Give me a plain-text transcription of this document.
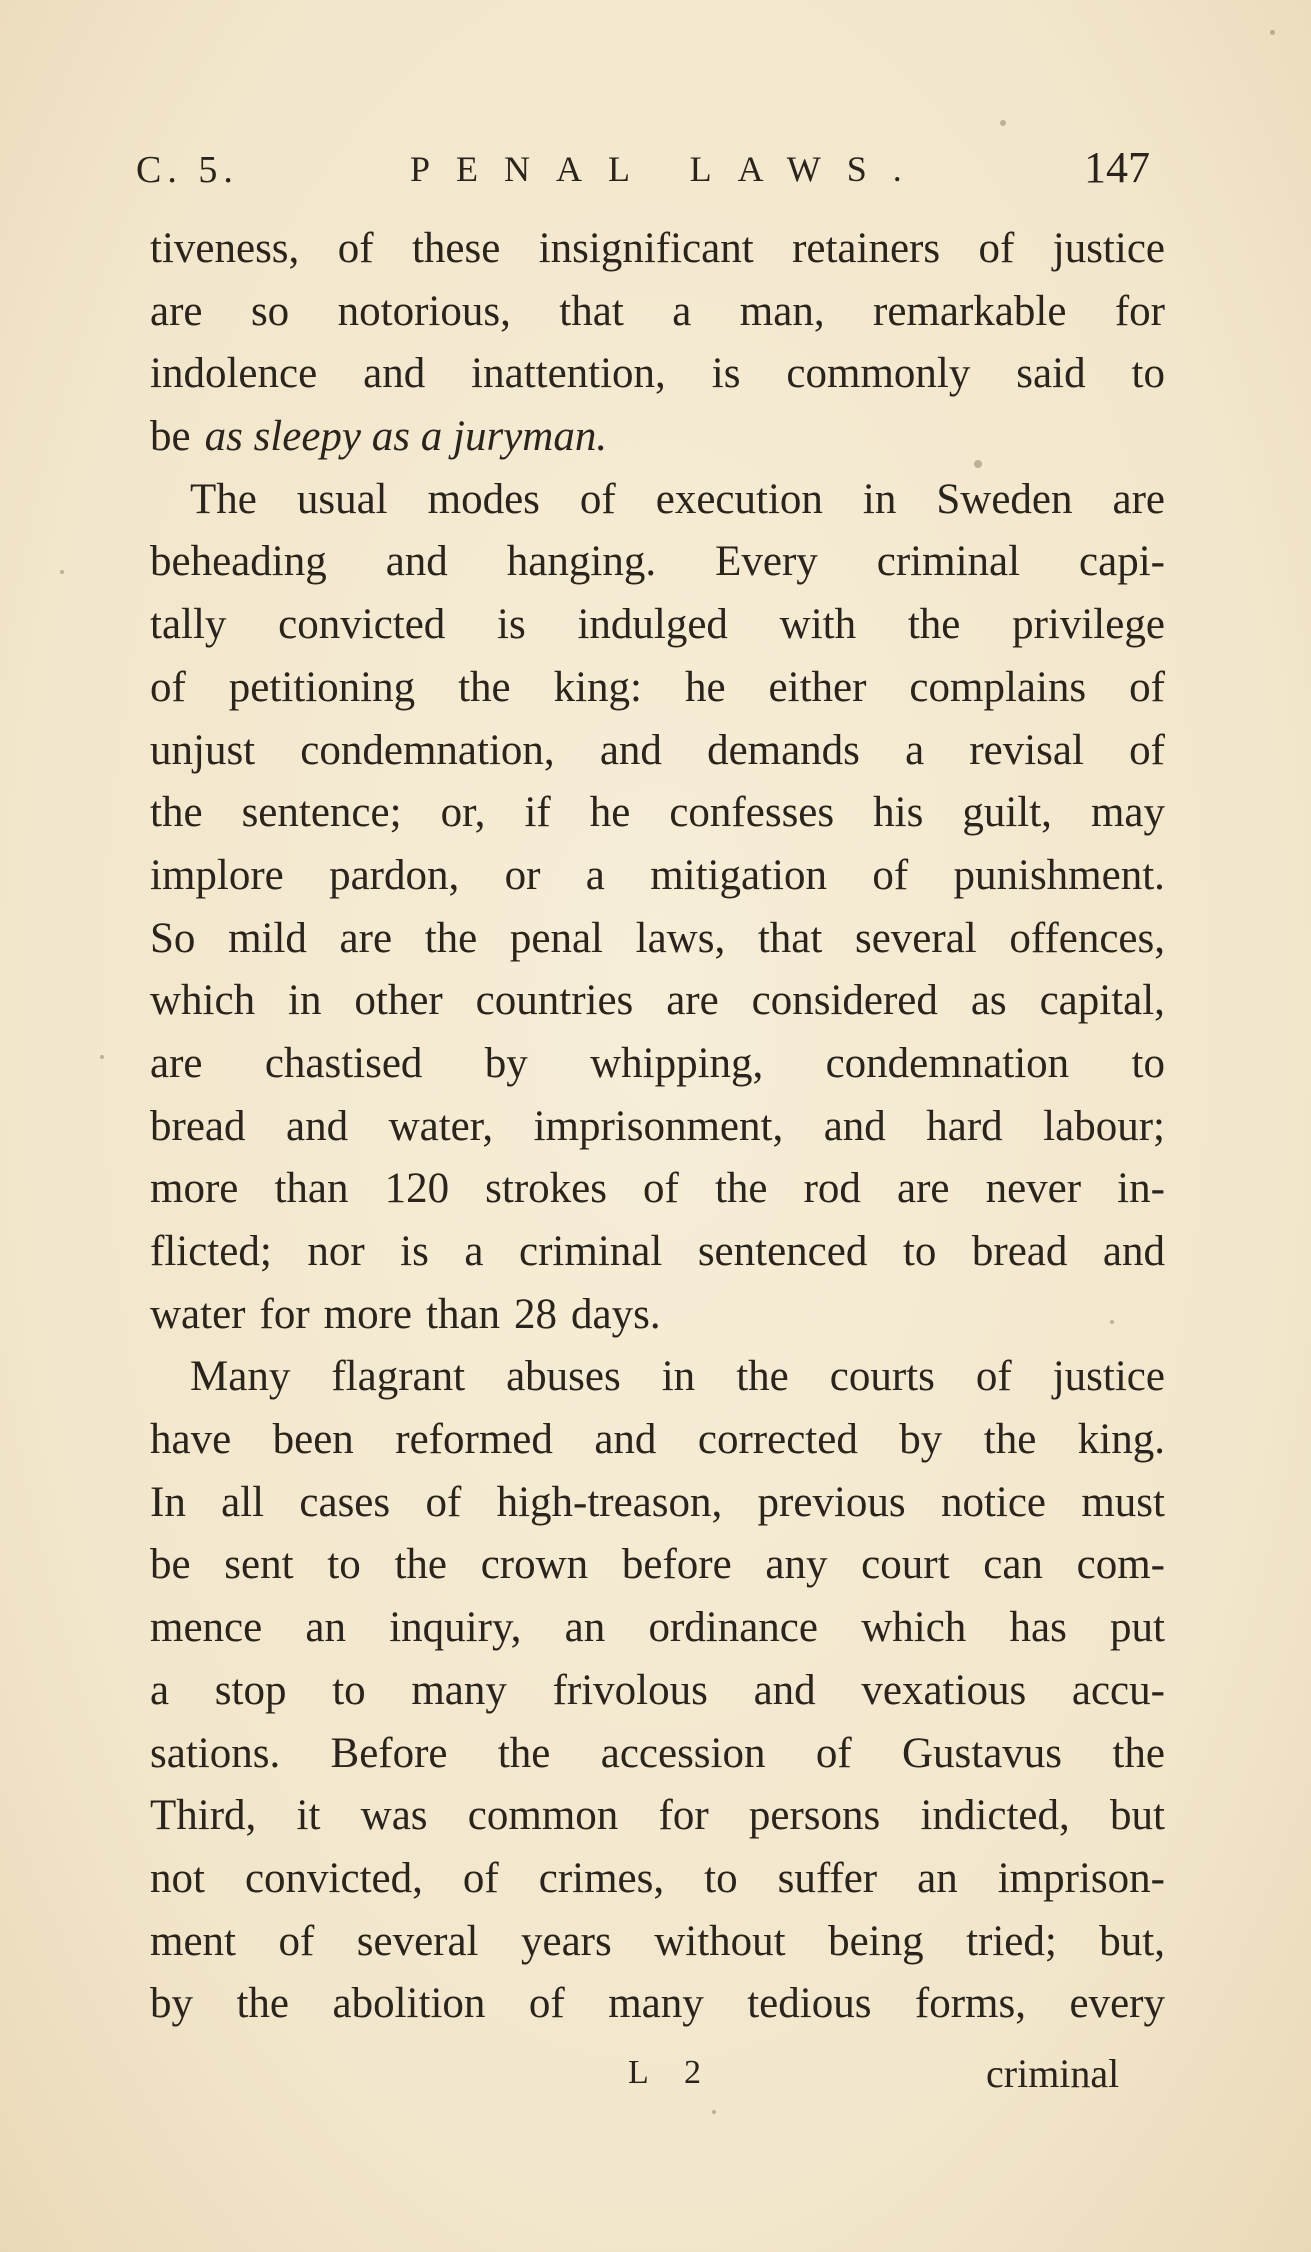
C. 5.	PENAL LAWS.	147
tiveness, of these insignificant retainers of justice
are so notorious, that a man, remarkable for
indolence and inattention, is commonly said to
be as sleepy as a juryman.
The usual modes of execution in Sweden are
beheading and hanging. Every criminal capi-
tally convicted is indulged with the privilege
of petitioning the king: he either complains of
unjust condemnation, and demands a revisal of
the sentence; or, if he confesses his guilt, may
implore pardon, or a mitigation of punishment.
So mild are the penal laws, that several offences,
which in other countries are considered as capital,
are chastised by whipping, condemnation to
bread and water, imprisonment, and hard labour;
more than 120 strokes of the rod are never in-
flicted; nor is a criminal sentenced to bread and
water for more than 28 days.
Many flagrant abuses in the courts of justice
have been reformed and corrected by the king.
In all cases of high-treason, previous notice must
be sent to the crown before any court can com-
mence an inquiry, an ordinance which has put
a stop to many frivolous and vexatious accu-
sations. Before the accession of Gustavus the
Third, it was common for persons indicted, but
not convicted, of crimes, to suffer an imprison-
ment of several years without being tried; but,
by the abolition of many tedious forms, every
L 2	criminal
